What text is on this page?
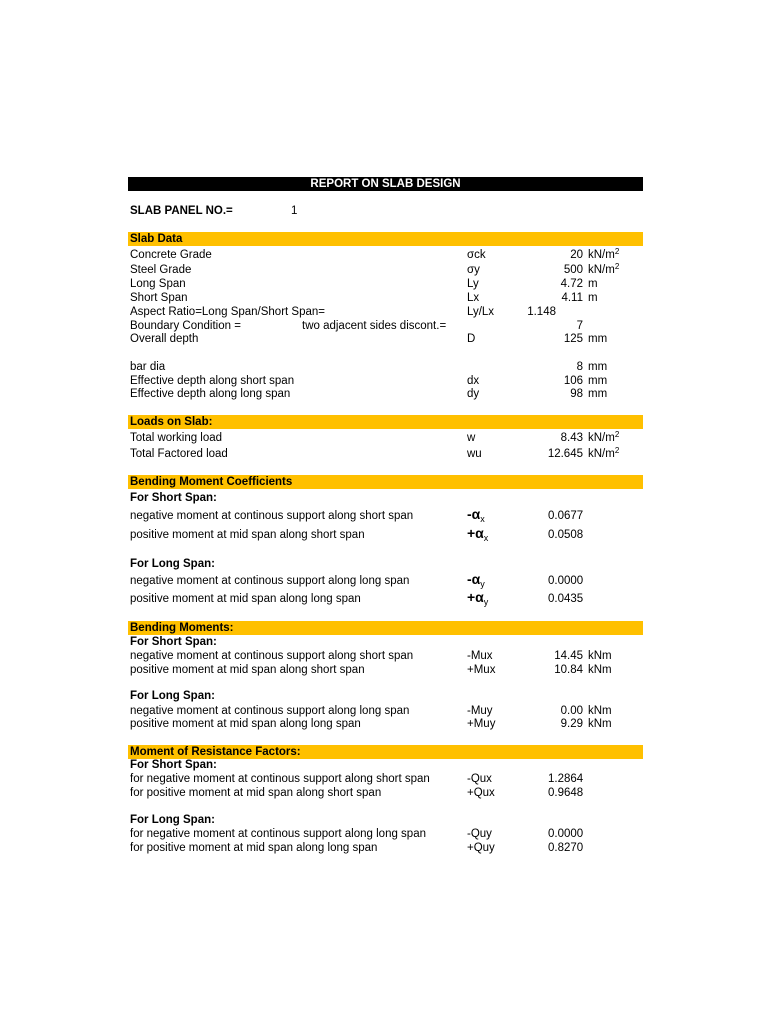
REPORT ON SLAB DESIGN
SLAB PANEL NO.=	1
Slab Data
Concrete Grade	σck	20 $kN/m^2$
Steel Grade	σy	500 $kN/m^2$
Long Span	Ly	4.72 m
Short Span	Lx	4.11 m
Aspect Ratio=Long Span/Short Span=	Ly/Lx	1.148
Boundary Condition =	two adjacent sides discont.=	7
Overall depth	D	125 mm
bar dia	8 mm
Effective depth along short span	dx	106 mm
Effective depth along long span	dy	98 mm
Loads on Slab:
Total working load	w	8.43 $kN/m^2$
Total Factored load	wu	12.645 $kN/m^2$
Bending Moment Coefficients
For Short Span:
negative moment at continous support along short span	$-\alpha_x$	0.0677
positive moment at mid span along short span	$+\alpha_x$	0.0508
For Long Span:
negative moment at continous support along long span	$-\alpha_y$	0.0000
positive moment at mid span along long span	$+\alpha_y$	0.0435
Bending Moments:
For Short Span:
negative moment at continous support along short span	-Mux	14.45 kNm
positive moment at mid span along short span	+Mux	10.84 kNm
For Long Span:
negative moment at continous support along long span	-Muy	0.00 kNm
positive moment at mid span along long span	+Muy	9.29 kNm
Moment of Resistance Factors:
For Short Span:
for negative moment at continous support along short span	-Qux	1.2864
for positive moment at mid span along short span	+Qux	0.9648
For Long Span:
for negative moment at continous support along long span	-Quy	0.0000
for positive moment at mid span along long span	+Quy	0.8270
